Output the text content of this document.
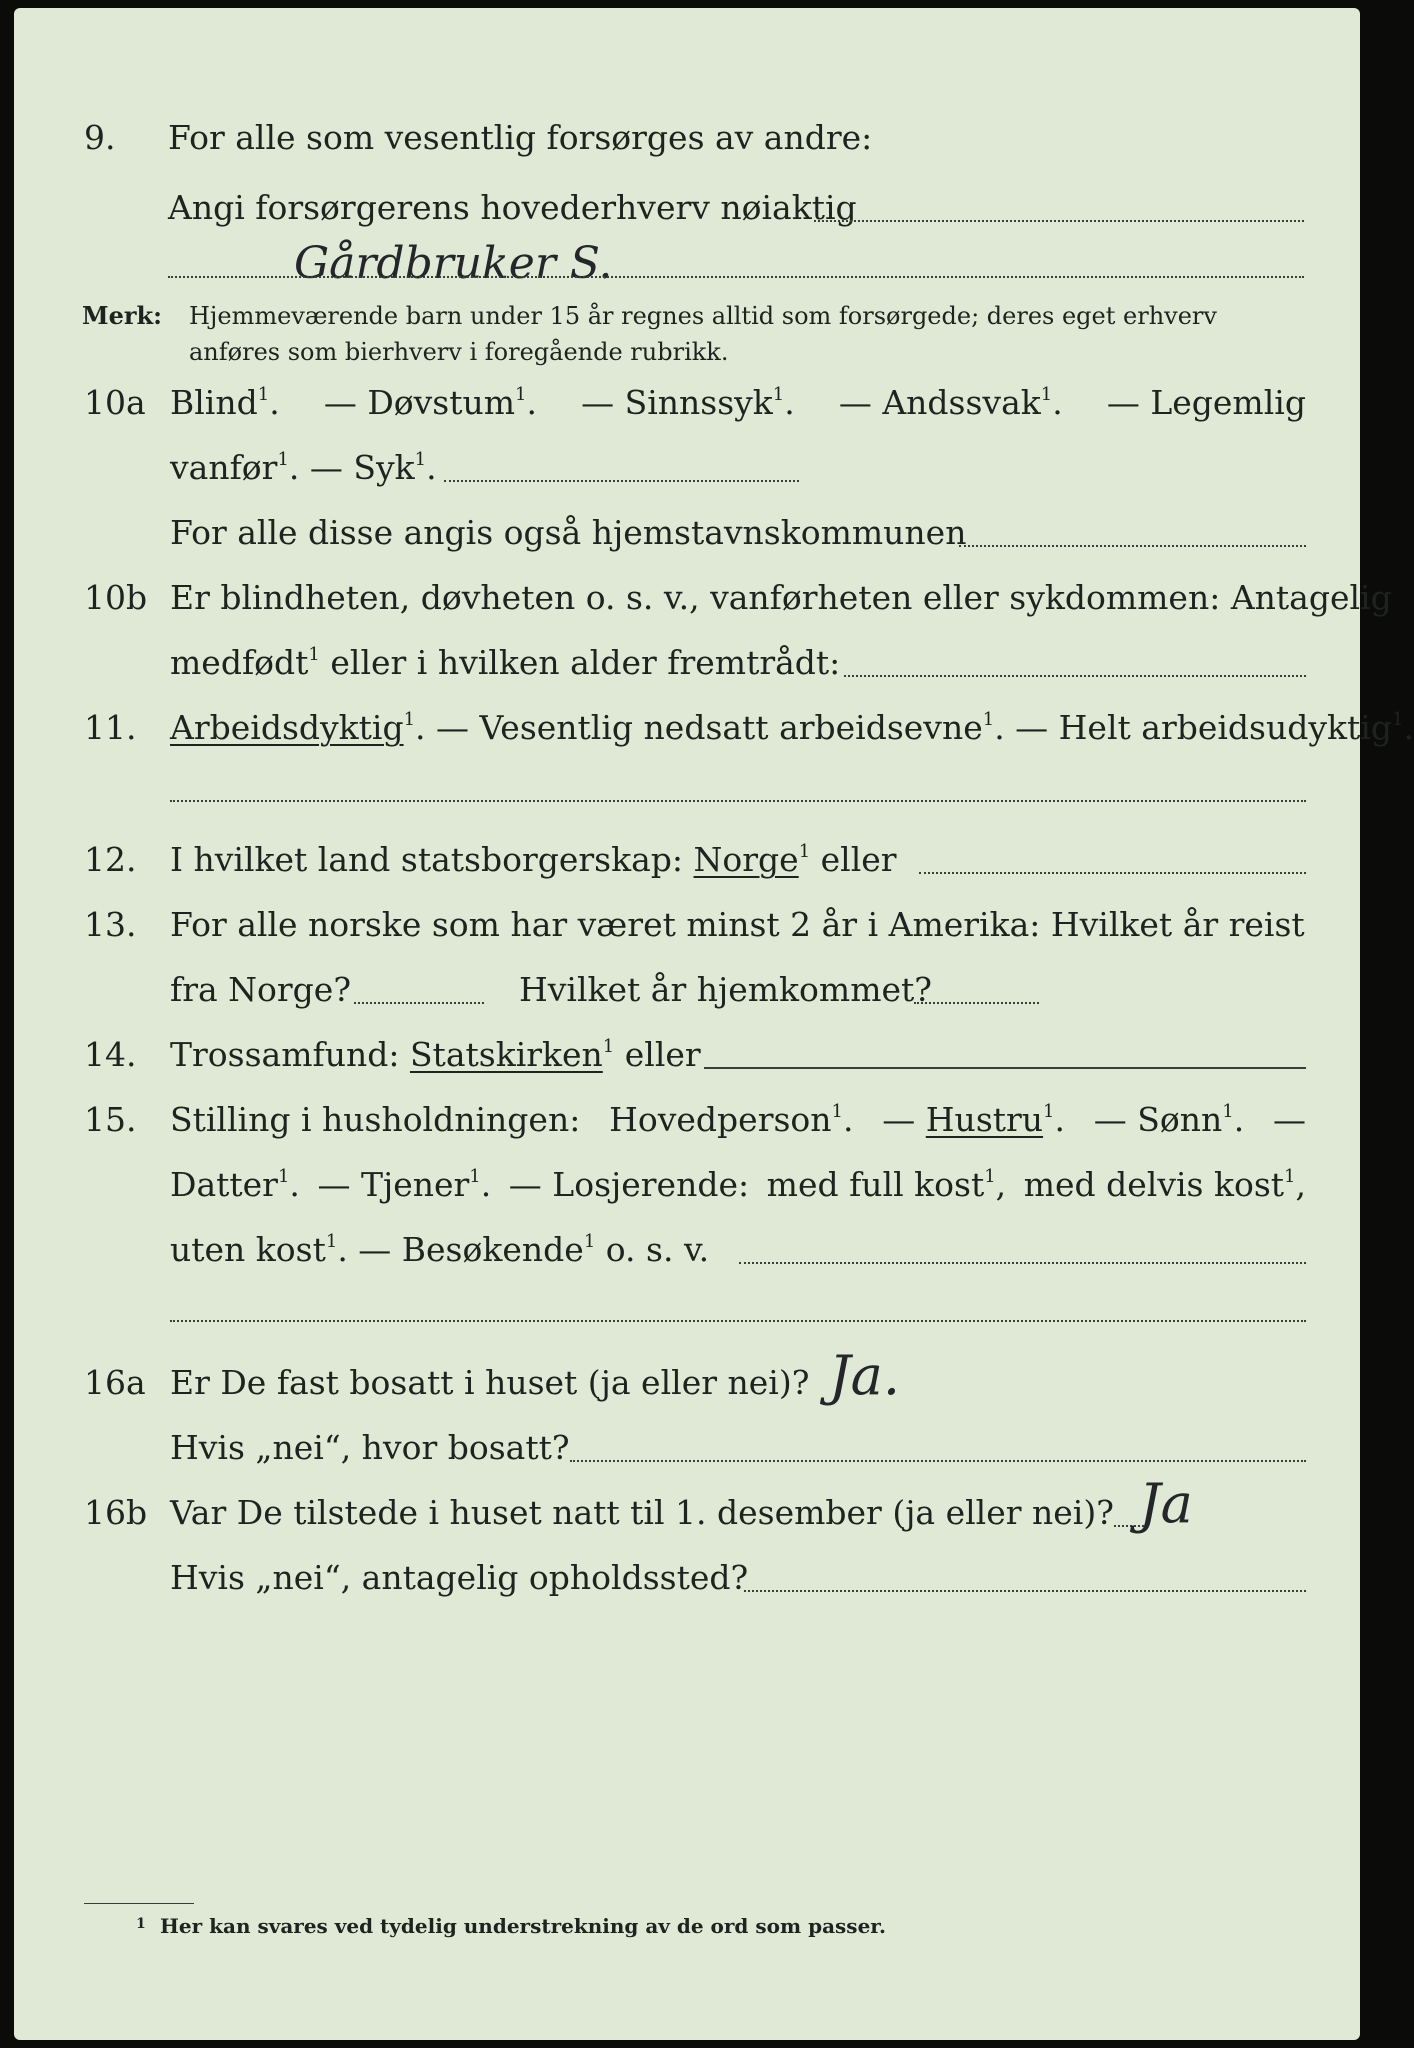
9. For alle som vesentlig forsørges av andre:
Angi forsørgerens hovederhverv nøiaktig
Gårdbruker S.
Merk: Hjemmeværende barn under 15 år regnes alltid som forsørgede; deres eget erhverv
anføres som bierhverv i foregående rubrikk.
10a Blind$^1$. — Døvstum$^1$. — Sinnssyk$^1$. — Andssvak$^1$. — Legemlig
vanfør$^1$. — Syk$^1$.
For alle disse angis også hjemstavnskommunen
10b Er blindheten, døvheten o. s. v., vanførheten eller sykdommen: Antagelig
medfødt$^1$ eller i hvilken alder fremtrådt:
11. Arbeidsdyktig$^1$. — Vesentlig nedsatt arbeidsevne$^1$. — Helt arbeidsudyktig$^1$.
12. I hvilket land statsborgerskap: Norge$^1$ eller
13. For alle norske som har været minst 2 år i Amerika: Hvilket år reist
fra Norge?	Hvilket år hjemkommet?
14. Trossamfund: Statskirken$^1$ eller
15. Stilling i husholdningen: Hovedperson$^1$. — Hustru$^1$. — Sønn$^1$. —
Datter$^1$. — Tjener$^1$. — Losjerende: med full kost$^1$, med delvis kost$^1$,
uten kost$^1$. — Besøkende$^1$ o. s. v.
16a Er De fast bosatt i huset (ja eller nei)? Ja.
Hvis „nei“, hvor bosatt?
16b Var De tilstede i huset natt til 1. desember (ja eller nei)? Ja
Hvis „nei“, antagelig opholdssted?
1 Her kan svares ved tydelig understrekning av de ord som passer.
